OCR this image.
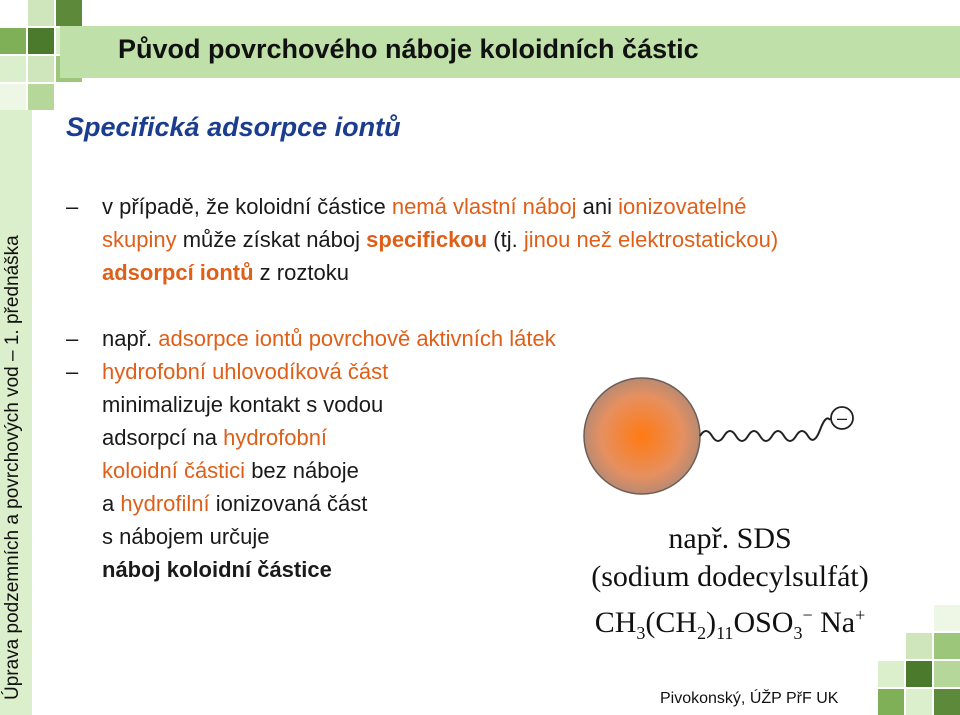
Původ povrchového náboje koloidních částic
Úprava podzemních a povrchových vod – 1. přednáška
Specifická adsorpce iontů
– v případě, že koloidní částice nemá vlastní náboj ani ionizovatelné
skupiny může získat náboj specifickou (tj. jinou než elektrostatickou)
adsorpcí iontů z roztoku
– např. adsorpce iontů povrchově aktivních látek
– hydrofobní uhlovodíková část
minimalizuje kontakt s vodou
adsorpcí na hydrofobní
koloidní částici bez náboje
a hydrofilní ionizovaná část
s nábojem určuje
náboj koloidní částice
–
např. SDS
(sodium dodecylsulfát)
$CH_3(CH_2)_{11}OSO_3^-$ Na+
Pivokonský, ÚŽP PřF UK
